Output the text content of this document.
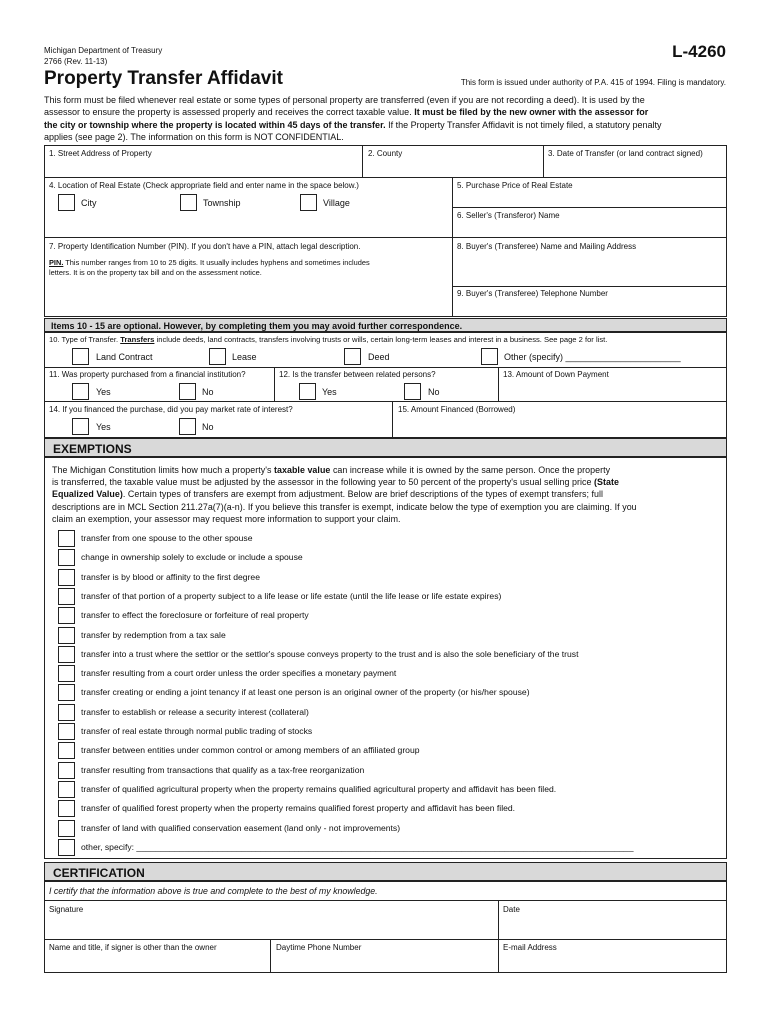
Michigan Department of Treasury
2766 (Rev. 11-13)
L-4260
Property Transfer Affidavit	This form is issued under authority of P.A. 415 of 1994. Filing is mandatory.
This form must be filed whenever real estate or some types of personal property are transferred (even if you are not recording a deed). It is used by the
assessor to ensure the property is assessed properly and receives the correct taxable value. It must be filed by the new owner with the assessor for
the city or township where the property is located within 45 days of the transfer. If the Property Transfer Affidavit is not timely filed, a statutory penalty
applies (see page 2). The information on this form is NOT CONFIDENTIAL.
1. Street Address of Property	2. County	3. Date of Transfer (or land contract signed)
4. Location of Real Estate (Check appropriate field and enter name in the space below.)
City	Township	Village
5. Purchase Price of Real Estate
6. Seller's (Transferor) Name
7. Property Identification Number (PIN). If you don't have a PIN, attach legal description.
PIN. This number ranges from 10 to 25 digits. It usually includes hyphens and sometimes includes
letters. It is on the property tax bill and on the assessment notice.
8. Buyer's (Transferee) Name and Mailing Address
9. Buyer's (Transferee) Telephone Number
Items 10 - 15 are optional. However, by completing them you may avoid further correspondence.
10. Type of Transfer. Transfers include deeds, land contracts, transfers involving trusts or wills, certain long-term leases and interest in a business. See page 2 for list.
Land Contract	Lease	Deed	Other (specify) _______________________
11. Was property purchased from a financial institution?	12. Is the transfer between related persons?	13. Amount of Down Payment
Yes	No	Yes	No
14. If you financed the purchase, did you pay market rate of interest?	15. Amount Financed (Borrowed)
Yes	No
EXEMPTIONS
The Michigan Constitution limits how much a property's taxable value can increase while it is owned by the same person. Once the property
is transferred, the taxable value must be adjusted by the assessor in the following year to 50 percent of the property's usual selling price (State
Equalized Value). Certain types of transfers are exempt from adjustment. Below are brief descriptions of the types of exempt transfers; full
descriptions are in MCL Section 211.27a(7)(a-n). If you believe this transfer is exempt, indicate below the type of exemption you are claiming. If you
claim an exemption, your assessor may request more information to support your claim.
transfer from one spouse to the other spouse
change in ownership solely to exclude or include a spouse
transfer is by blood or affinity to the first degree
transfer of that portion of a property subject to a life lease or life estate (until the life lease or life estate expires)
transfer to effect the foreclosure or forfeiture of real property
transfer by redemption from a tax sale
transfer into a trust where the settlor or the settlor's spouse conveys property to the trust and is also the sole beneficiary of the trust
transfer resulting from a court order unless the order specifies a monetary payment
transfer creating or ending a joint tenancy if at least one person is an original owner of the property (or his/her spouse)
transfer to establish or release a security interest (collateral)
transfer of real estate through normal public trading of stocks
transfer between entities under common control or among members of an affiliated group
transfer resulting from transactions that qualify as a tax-free reorganization
transfer of qualified agricultural property when the property remains qualified agricultural property and affidavit has been filed.
transfer of qualified forest property when the property remains qualified forest property and affidavit has been filed.
transfer of land with qualified conservation easement (land only - not improvements)
other, specify: ________________________________________________________________________________________________________
CERTIFICATION
I certify that the information above is true and complete to the best of my knowledge.
Signature	Date
Name and title, if signer is other than the owner	Daytime Phone Number	E-mail Address
